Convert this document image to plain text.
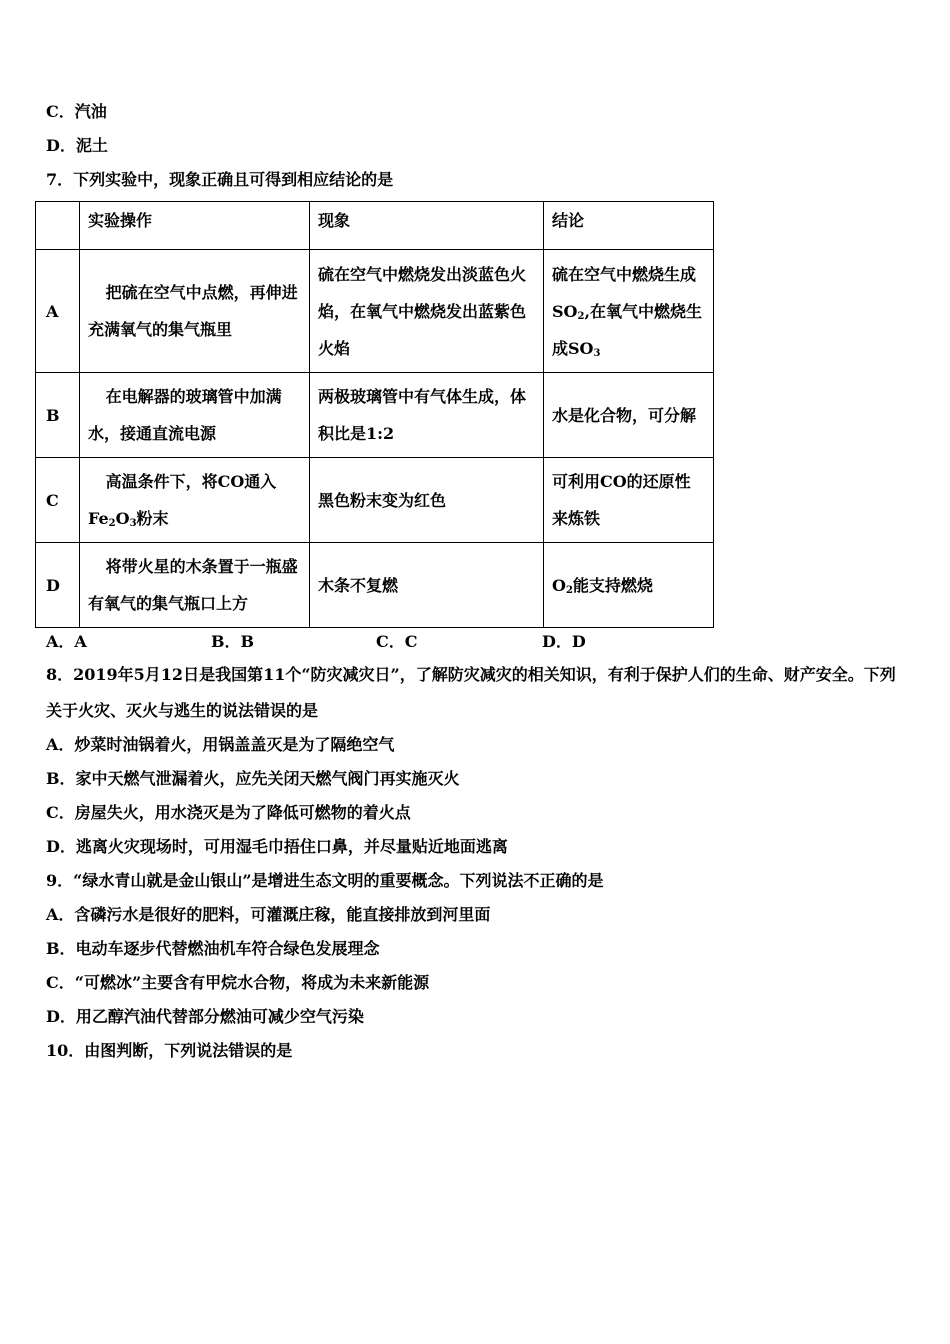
C．汽油
D．泥土
7．下列实验中，现象正确且可得到相应结论的是
	实验操作	现象	结论
A	把硫在空气中点燃，再伸进充满氧气的集气瓶里	硫在空气中燃烧发出淡蓝色火焰，在氧气中燃烧发出蓝紫色火焰	硫在空气中燃烧生成$SO_2$,在氧气中燃烧生成$SO_3$
B	在电解器的玻璃管中加满水，接通直流电源	两极玻璃管中有气体生成，体积比是1:2	水是化合物，可分解
C	高温条件下，将CO通入$Fe_2O_3$粉末	黑色粉末变为红色	可利用CO的还原性来炼铁
D	将带火星的木条置于一瓶盛有氧气的集气瓶口上方	木条不复燃	$O_2$能支持燃烧
A．A	B．B	C．C	D．D
8．2019年5月12日是我国第11个“防灾减灾日”，了解防灾减灾的相关知识，有利于保护人们的生命、财产安全。下列
关于火灾、灭火与逃生的说法错误的是
A．炒菜时油锅着火，用锅盖盖灭是为了隔绝空气
B．家中天燃气泄漏着火，应先关闭天燃气阀门再实施灭火
C．房屋失火，用水浇灭是为了降低可燃物的着火点
D．逃离火灾现场时，可用湿毛巾捂住口鼻，并尽量贴近地面逃离
9．“绿水青山就是金山银山”是增进生态文明的重要概念。下列说法不正确的是
A．含磷污水是很好的肥料，可灌溉庄稼，能直接排放到河里面
B．电动车逐步代替燃油机车符合绿色发展理念
C．“可燃冰”主要含有甲烷水合物，将成为未来新能源
D．用乙醇汽油代替部分燃油可减少空气污染
10．由图判断，下列说法错误的是
